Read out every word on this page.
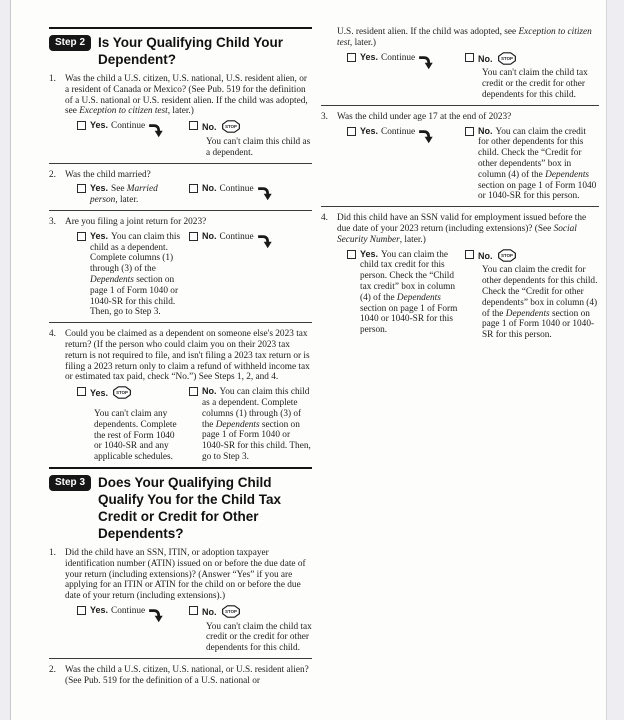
Step 2 Is Your Qualifying Child Your Dependent?
1. Was the child a U.S. citizen, U.S. national, U.S. resident alien, or a resident of Canada or Mexico? (See Pub. 519 for the definition of a U.S. national or U.S. resident alien. If the child was adopted, see Exception to citizen test, later.)
Yes. Continue	No.
You can't claim this child as a dependent.
2. Was the child married?
Yes. See Married person, later.
No. Continue
3. Are you filing a joint return for 2023?
Yes. You can claim this child as a dependent. Complete columns (1) through (3) of the Dependents section on page 1 of Form 1040 or 1040-SR for this child. Then, go to Step 3.
No. Continue
4. Could you be claimed as a dependent on someone else's 2023 tax return? (If the person who could claim you on their 2023 tax return is not required to file, and isn't filing a 2023 tax return or is filing a 2023 return only to claim a refund of withheld income tax or estimated tax paid, check “No.”) See Steps 1, 2, and 4.
Yes.
You can't claim any dependents. Complete the rest of Form 1040 or 1040-SR and any applicable schedules.
No. You can claim this child as a dependent. Complete columns (1) through (3) of the Dependents section on page 1 of Form 1040 or 1040-SR for this child. Then, go to Step 3.
Step 3 Does Your Qualifying Child Qualify You for the Child Tax Credit or Credit for Other Dependents?
1. Did the child have an SSN, ITIN, or adoption taxpayer identification number (ATIN) issued on or before the due date of your return (including extensions)? (Answer “Yes” if you are applying for an ITIN or ATIN for the child on or before the due date of your return (including extensions).)
Yes. Continue	No.
You can't claim the child tax credit or the credit for other dependents for this child.
2. Was the child a U.S. citizen, U.S. national, or U.S. resident alien? (See Pub. 519 for the definition of a U.S. national or
U.S. resident alien. If the child was adopted, see Exception to citizen test, later.)
Yes. Continue	No.
You can't claim the child tax credit or the credit for other dependents for this child.
3. Was the child under age 17 at the end of 2023?
Yes. Continue	No. You can claim the credit for other dependents for this child. Check the “Credit for other dependents” box in column (4) of the Dependents section on page 1 of Form 1040 or 1040-SR for this person.
4. Did this child have an SSN valid for employment issued before the due date of your 2023 return (including extensions)? (See Social Security Number, later.)
Yes. You can claim the child tax credit for this person. Check the “Child tax credit” box in column (4) of the Dependents section on page 1 of Form 1040 or 1040-SR for this person.
No.
You can claim the credit for other dependents for this child. Check the “Credit for other dependents” box in column (4) of the Dependents section on page 1 of Form 1040 or 1040-SR for this person.
